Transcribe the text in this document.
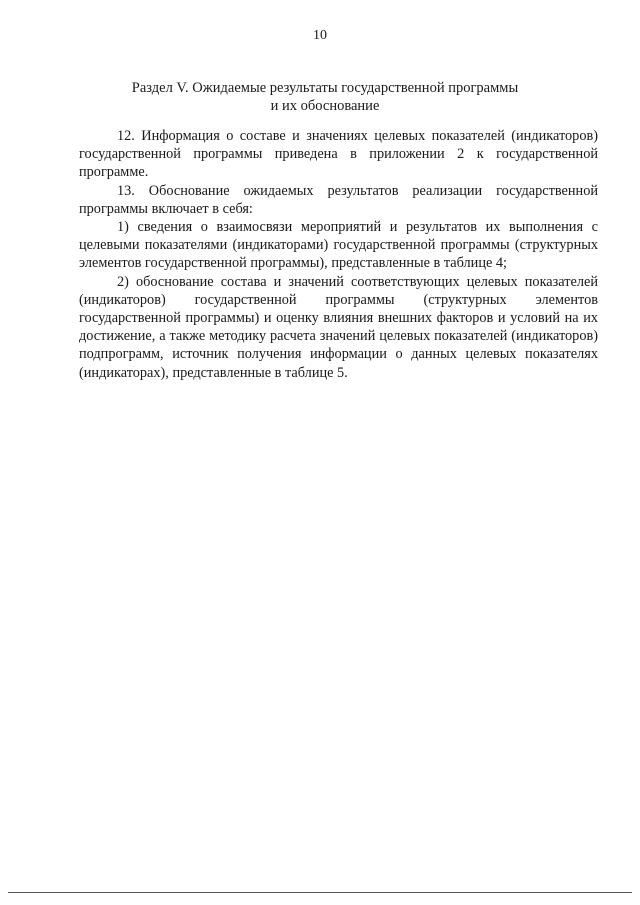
10
Раздел V. Ожидаемые результаты государственной программы
и их обоснование

12. Информация о составе и значениях целевых показателей (индикаторов) государственной программы приведена в приложении 2 к государственной программе.

13. Обоснование ожидаемых результатов реализации государственной программы включает в себя:

1) сведения о взаимосвязи мероприятий и результатов их выполнения с целевыми показателями (индикаторами) государственной программы (структурных элементов государственной программы), представленные в таблице 4;

2) обоснование состава и значений соответствующих целевых показателей (индикаторов) государственной программы (структурных элементов государственной программы) и оценку влияния внешних факторов и условий на их достижение, а также методику расчета значений целевых показателей (индикаторов) подпрограмм, источник получения информации о данных целевых показателях (индикаторах), представленные в таблице 5.
